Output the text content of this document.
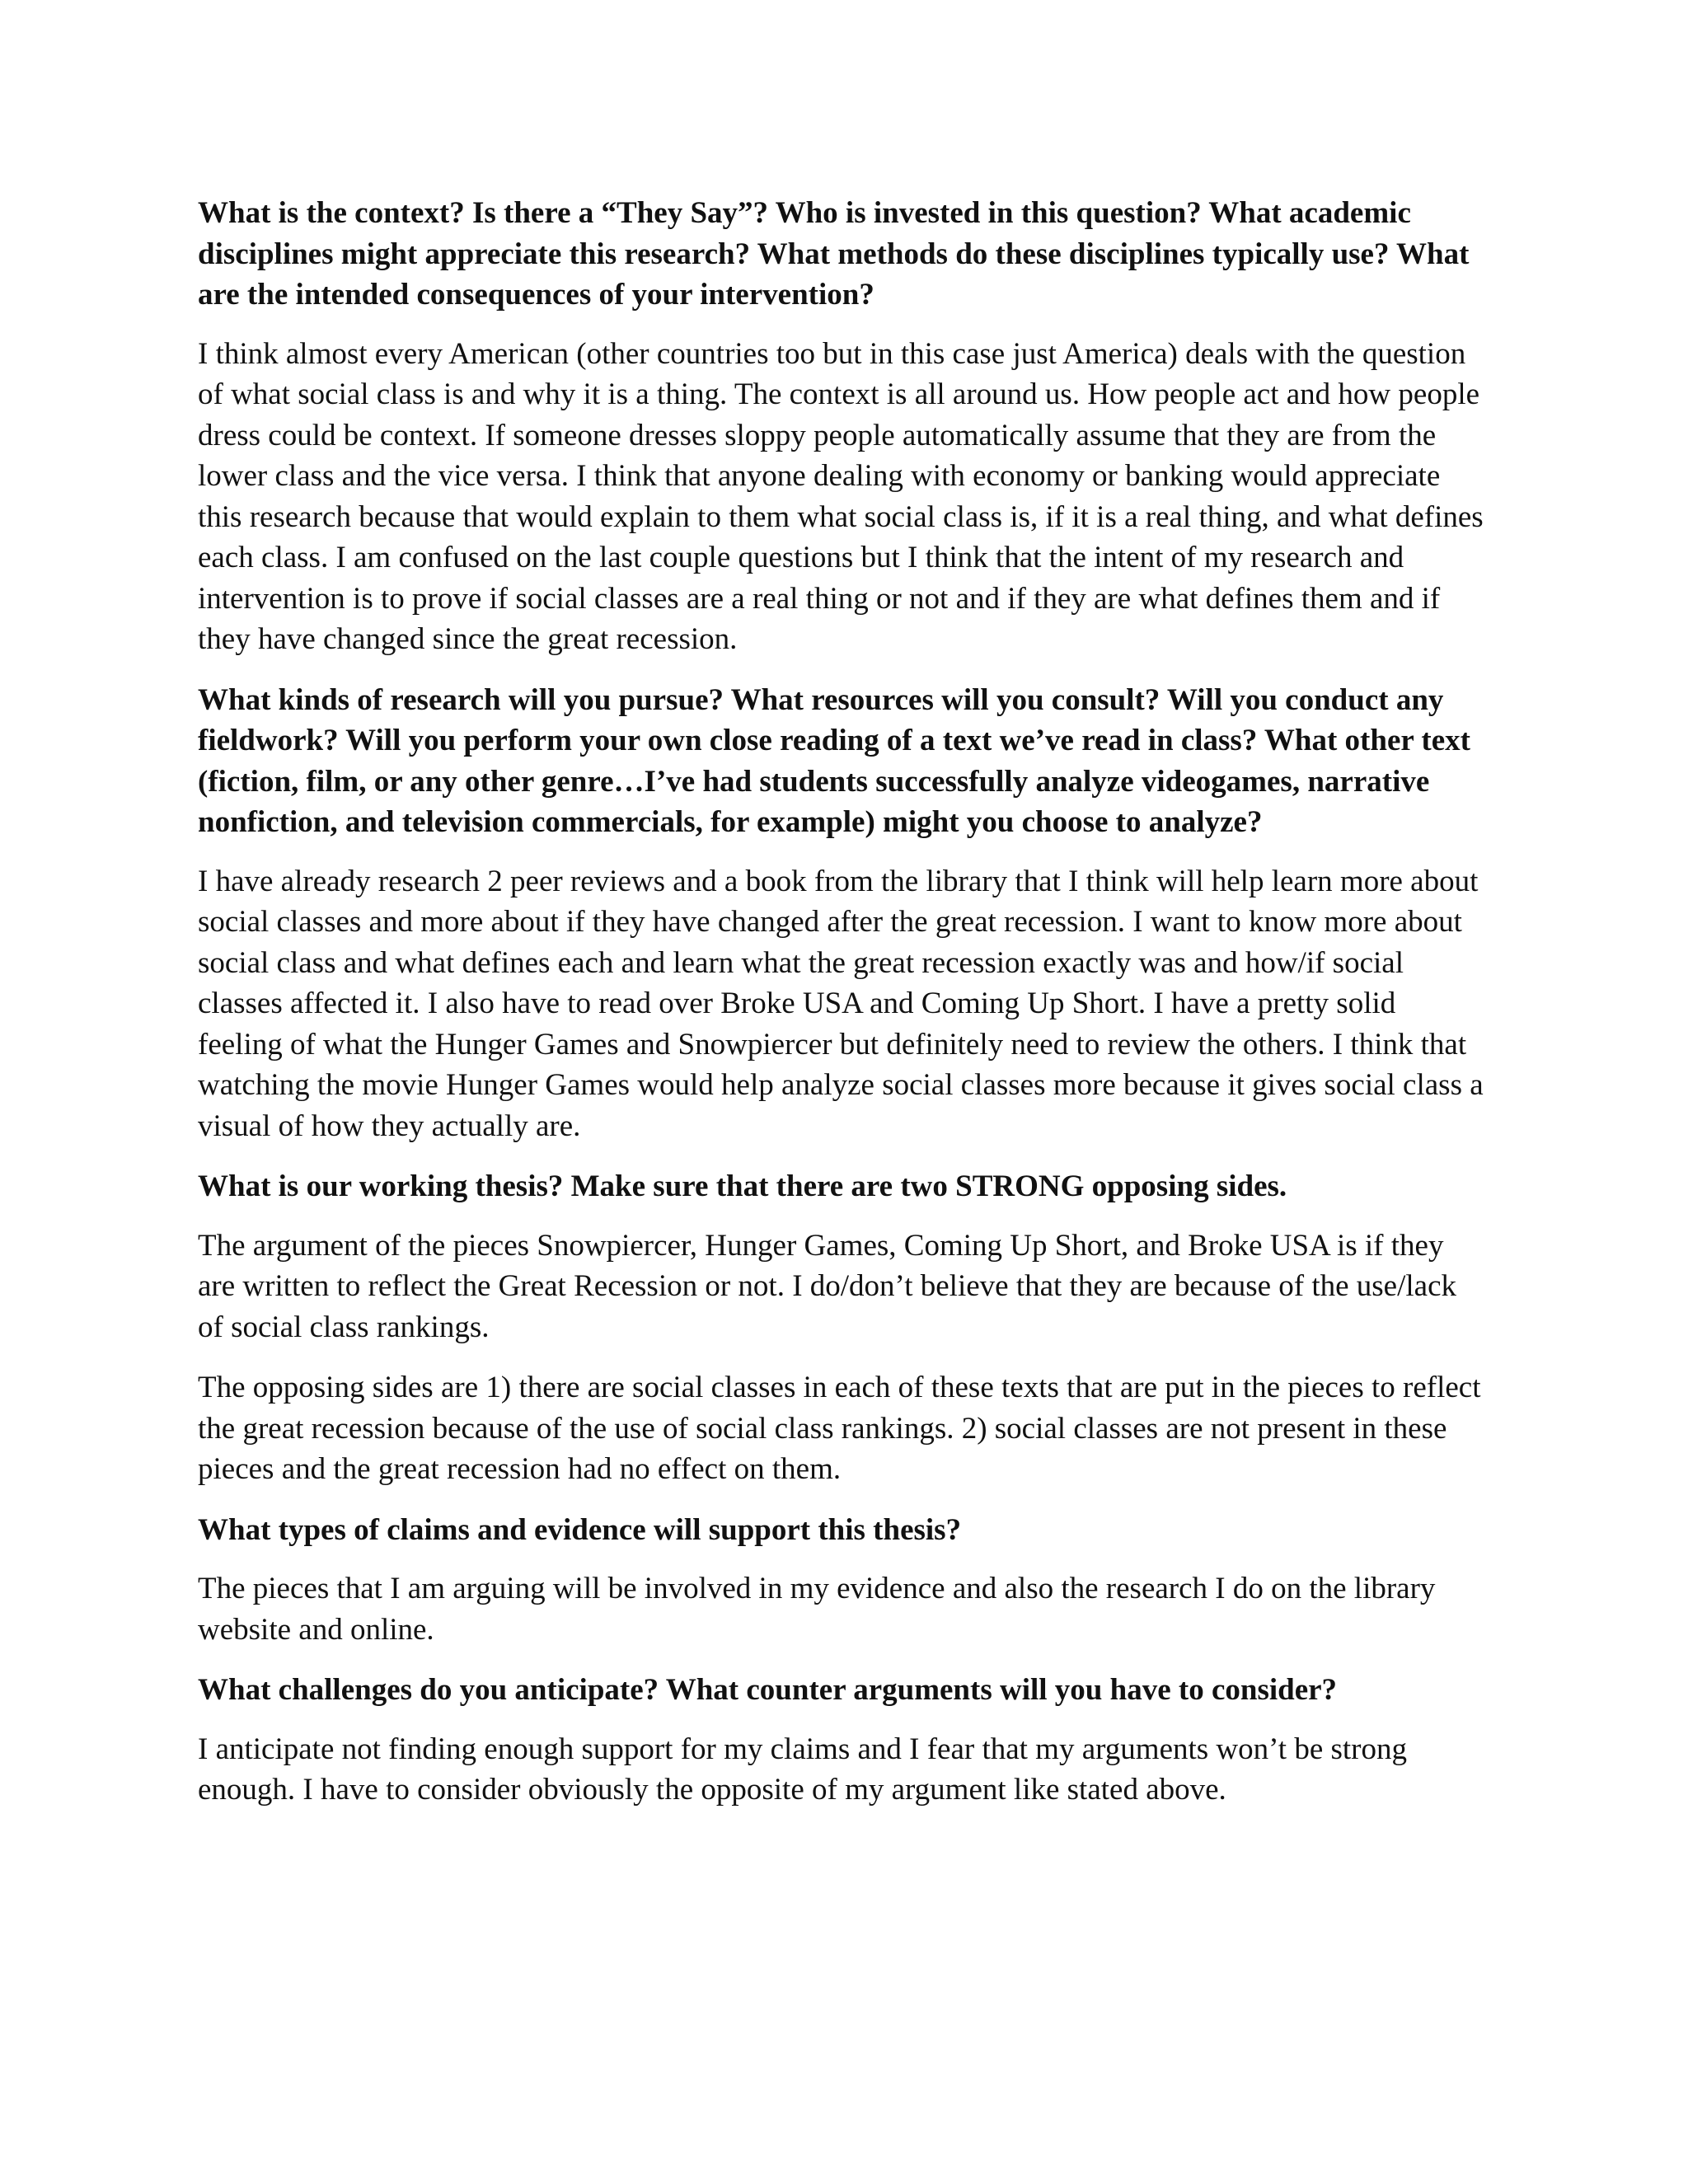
What is the context? Is there a “They Say”? Who is invested in this question? What academic disciplines might appreciate this research? What methods do these disciplines typically use? What are the intended consequences of your intervention?

I think almost every American (other countries too but in this case just America) deals with the question of what social class is and why it is a thing. The context is all around us. How people act and how people dress could be context. If someone dresses sloppy people automatically assume that they are from the lower class and the vice versa. I think that anyone dealing with economy or banking would appreciate this research because that would explain to them what social class is, if it is a real thing, and what defines each class. I am confused on the last couple questions but I think that the intent of my research and intervention is to prove if social classes are a real thing or not and if they are what defines them and if they have changed since the great recession.

What kinds of research will you pursue? What resources will you consult? Will you conduct any fieldwork? Will you perform your own close reading of a text we’ve read in class? What other text (fiction, film, or any other genre…I’ve had students successfully analyze videogames, narrative nonfiction, and television commercials, for example) might you choose to analyze?

I have already research 2 peer reviews and a book from the library that I think will help learn more about social classes and more about if they have changed after the great recession. I want to know more about social class and what defines each and learn what the great recession exactly was and how/if social classes affected it. I also have to read over Broke USA and Coming Up Short. I have a pretty solid feeling of what the Hunger Games and Snowpiercer but definitely need to review the others. I think that watching the movie Hunger Games would help analyze social classes more because it gives social class a visual of how they actually are.

What is our working thesis? Make sure that there are two STRONG opposing sides.

The argument of the pieces Snowpiercer, Hunger Games, Coming Up Short, and Broke USA is if they are written to reflect the Great Recession or not. I do/don’t believe that they are because of the use/lack of social class rankings.

The opposing sides are 1) there are social classes in each of these texts that are put in the pieces to reflect the great recession because of the use of social class rankings. 2) social classes are not present in these pieces and the great recession had no effect on them.

What types of claims and evidence will support this thesis?

The pieces that I am arguing will be involved in my evidence and also the research I do on the library website and online.

What challenges do you anticipate? What counter arguments will you have to consider?

I anticipate not finding enough support for my claims and I fear that my arguments won’t be strong enough. I have to consider obviously the opposite of my argument like stated above.
